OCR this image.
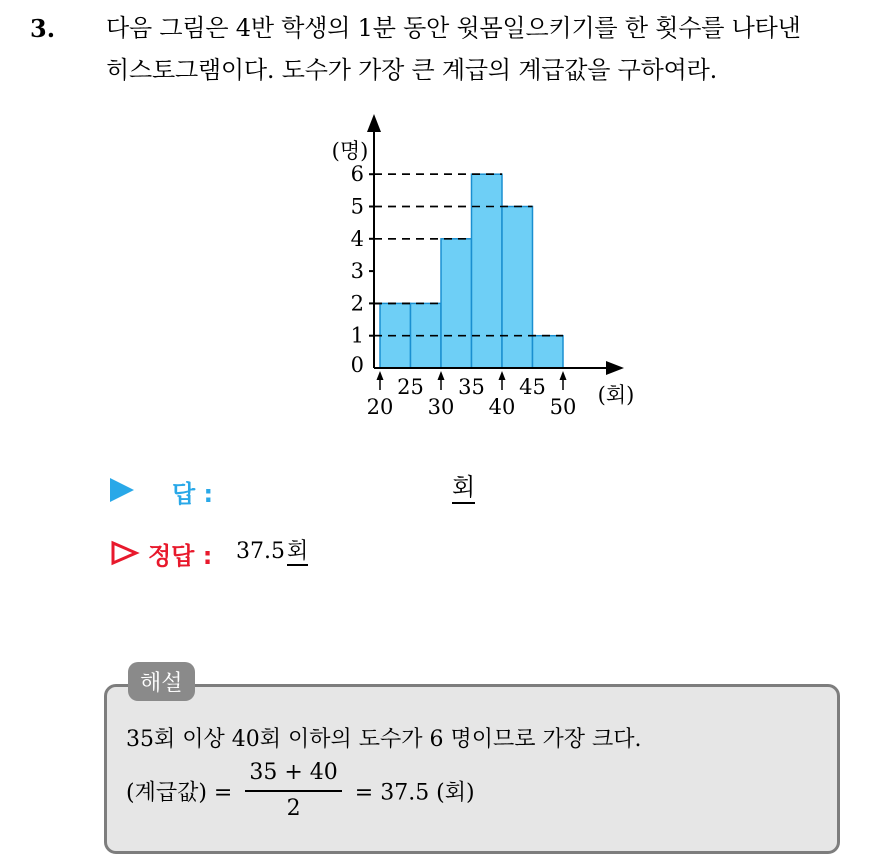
3. 다음 그림은 4반 학생의 1분 동안 윗몸일으키기를 한 횟수를 나타낸
히스토그램이다. 도수가 가장 큰 계급의 계급값을 구하여라.
0
1
2
3
4
5
6
(명)
(회)
20 30 40 50
25 35 45
답 :	회
정답 : 37.5회
해설
35회 이상 40회 이하의 도수가 6 명이므로 가장 크다.
(계급값) = $\frac{35 + 40}{2} = 37.5$ (회)
